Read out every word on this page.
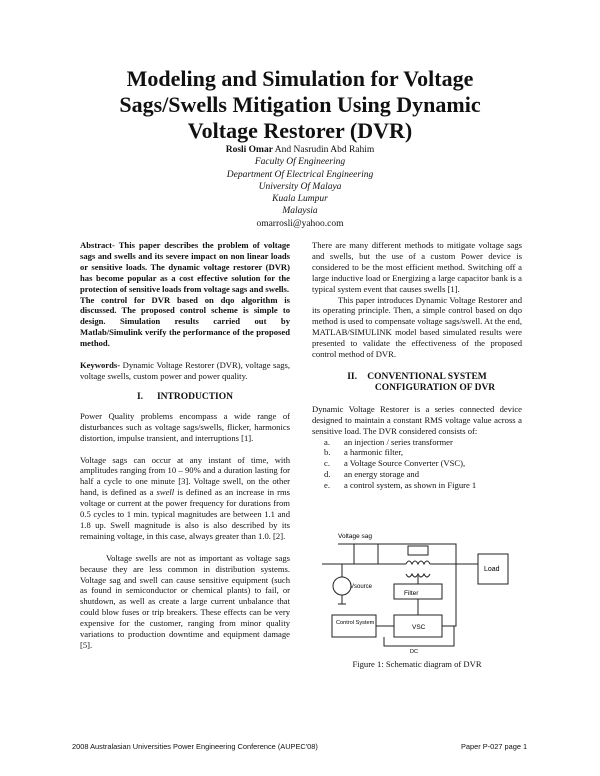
Modeling and Simulation for Voltage
Sags/Swells Mitigation Using Dynamic
Voltage Restorer (DVR)
Rosli Omar And Nasrudin Abd Rahim
Faculty Of Engineering
Department Of Electrical Engineering
University Of Malaya
Kuala Lumpur
Malaysia
omarrosli@yahoo.com

Abstract- This paper describes the problem of voltage sags and swells and its severe impact on non linear loads or sensitive loads. The dynamic voltage restorer (DVR) has become popular as a cost effective solution for the protection of sensitive loads from voltage sags and swells.

The control for DVR based on dqo algorithm is discussed. The proposed control scheme is simple to design. Simulation results carried out by Matlab/Simulink verify the performance of the proposed method.

Keywords- Dynamic Voltage Restorer (DVR), voltage sags, voltage swells, custom power and power quality.

I. INTRODUCTION

Power Quality problems encompass a wide range of disturbances such as voltage sags/swells, flicker, harmonics distortion, impulse transient, and interruptions [1].

Voltage sags can occur at any instant of time, with amplitudes ranging from 10 – 90% and a duration lasting for half a cycle to one minute [3]. Voltage swell, on the other hand, is defined as a swell is defined as an increase in rms voltage or current at the power frequency for durations from 0.5 cycles to 1 min. typical magnitudes are between 1.1 and 1.8 up. Swell magnitude is also is also described by its remaining voltage, in this case, always greater than 1.0. [2].

Voltage swells are not as important as voltage sags because they are less common in distribution systems. Voltage sag and swell can cause sensitive equipment (such as found in semiconductor or chemical plants) to fail, or shutdown, as well as create a large current unbalance that could blow fuses or trip breakers. These effects can be very expensive for the customer, ranging from minor quality variations to production downtime and equipment damage [5].

There are many different methods to mitigate voltage sags and swells, but the use of a custom Power device is considered to be the most efficient method. Switching off a large inductive load or Energizing a large capacitor bank is a typical system event that causes swells [1].

This paper introduces Dynamic Voltage Restorer and its operating principle. Then, a simple control based on dqo method is used to compensate voltage sags/swell. At the end, MATLAB/SIMULINK model based simulated results were presented to validate the effectiveness of the proposed control method of DVR.

II. CONVENTIONAL SYSTEM
CONFIGURATION OF DVR

Dynamic Voltage Restorer is a series connected device designed to maintain a constant RMS voltage value across a sensitive load. The DVR considered consists of:

a.	an injection / series transformer
b.	a harmonic filter,
c.	a Voltage Source Converter (VSC),
d.	an energy storage and
e.	a control system, as shown in Figure 1
Voltage sag
Vsource
Load
Filter
VSC
Control System
DC
Figure 1: Schematic diagram of DVR
2008 Australasian Universities Power Engineering Conference (AUPEC'08)	Paper P-027 page 1
